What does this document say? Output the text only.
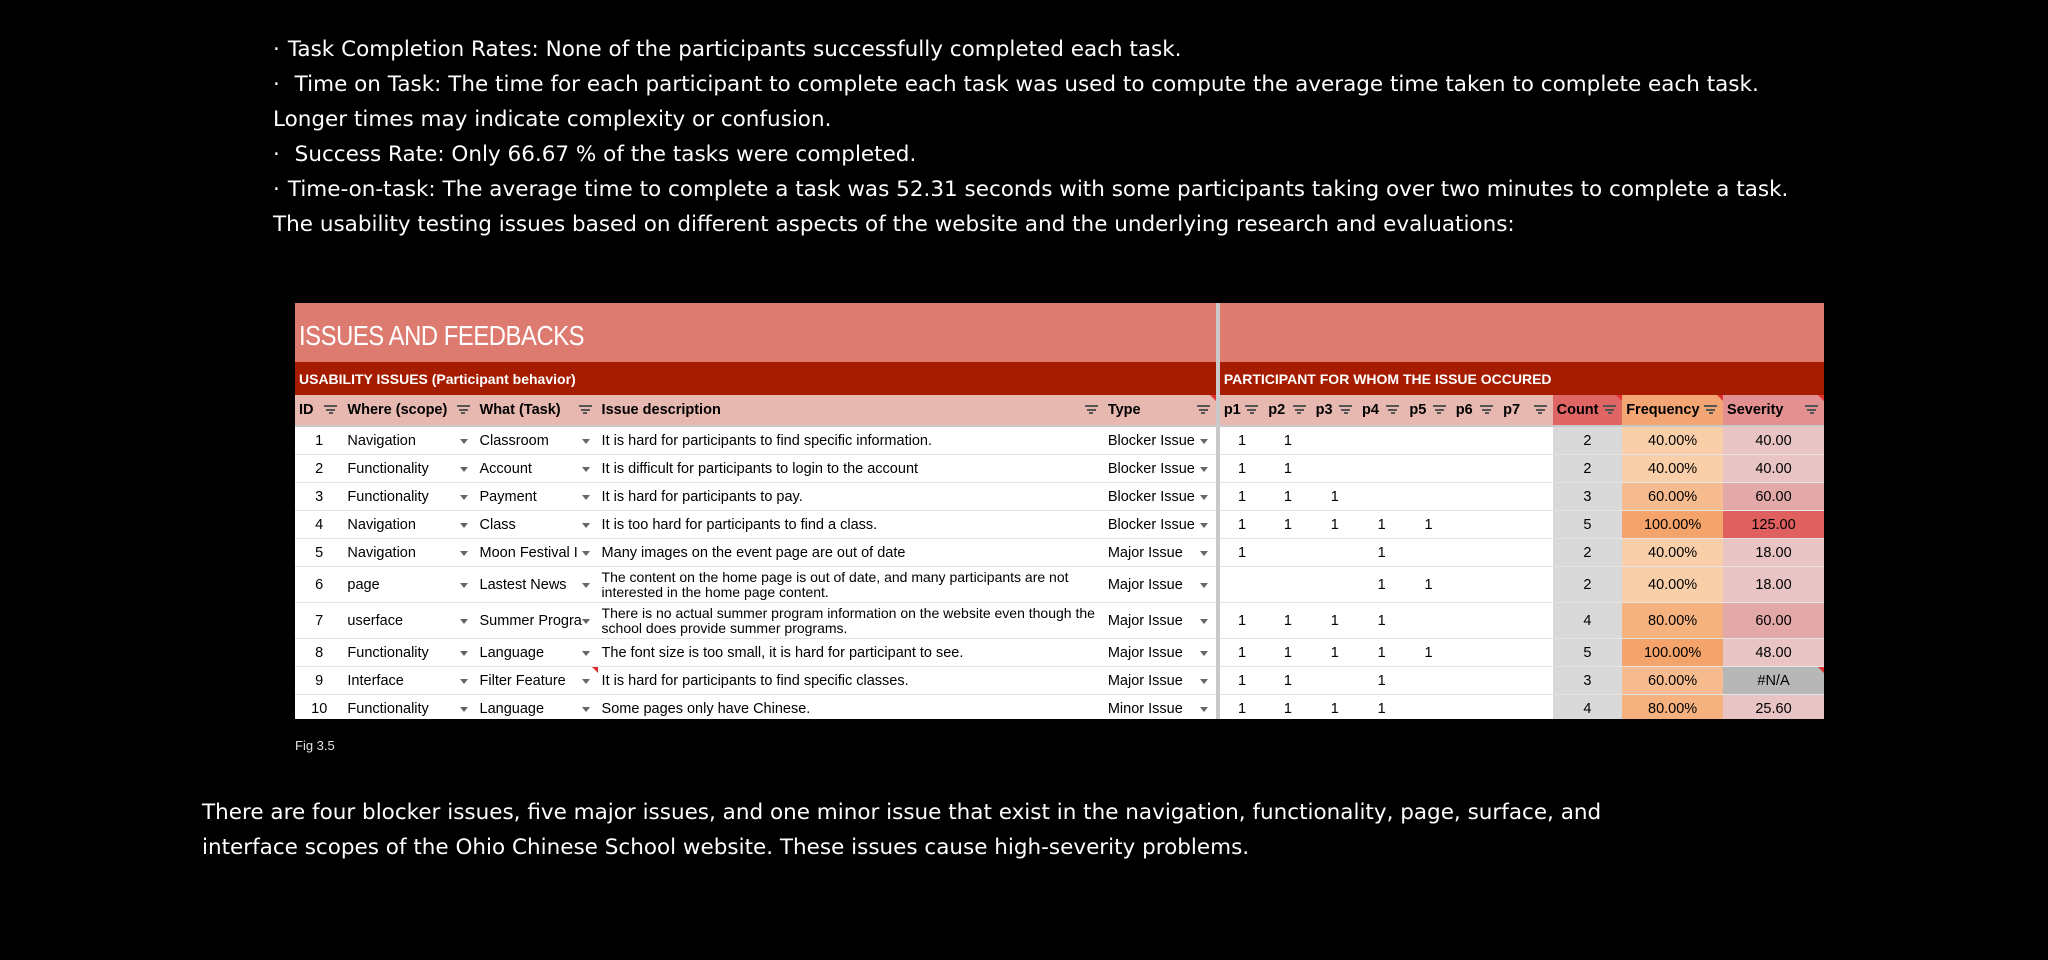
· Task Completion Rates: None of the participants successfully completed each task.

· Time on Task: The time for each participant to complete each task was used to compute the average time taken to complete each task. Longer times may indicate complexity or confusion.

· Success Rate: Only 66.67 % of the tasks were completed.

· Time-on-task: The average time to complete a task was 52.31 seconds with some participants taking over two minutes to complete a task. The usability testing issues based on different aspects of the website and the underlying research and evaluations:

ISSUES AND FEEDBACKS														
USABILITY ISSUES (Participant behavior)					PARTICIPANT FOR WHOM THE ISSUE OCCURED									
ID	Where (scope)	What (Task)	Issue description	Type	p1	p2	p3	p4	p5	p6	p7	Count	Frequency	Severity

1	Navigation	Classroom	It is hard for participants to find specific information.	Blocker Issue	1	1						2	40.00%	40.00
2	Functionality	Account	It is difficult for participants to login to the account	Blocker Issue	1	1						2	40.00%	40.00
3	Functionality	Payment	It is hard for participants to pay.	Blocker Issue	1	1	1					3	60.00%	60.00
4	Navigation	Class	It is too hard for participants to find a class.	Blocker Issue	1	1	1	1	1			5	100.00%	125.00
5	Navigation	Moon Festival I	Many images on the event page are out of date	Major Issue	1			1				2	40.00%	18.00
6	page	Lastest News	The content on the home page is out of date, and many participants are not interested in the home page content.	Major Issue				1	1			2	40.00%	18.00
7	userface	Summer Progra	There is no actual summer program information on the website even though the school does provide summer programs.	Major Issue	1	1	1	1				4	80.00%	60.00
8	Functionality	Language	The font size is too small, it is hard for participant to see.	Major Issue	1	1	1	1	1			5	100.00%	48.00
9	Interface	Filter Feature	It is hard for participants to find specific classes.	Major Issue	1	1		1				3	60.00%	#N/A
10	Functionality	Language	Some pages only have Chinese.	Minor Issue	1	1	1	1				4	80.00%	25.60
Fig 3.5
There are four blocker issues, five major issues, and one minor issue that exist in the navigation, functionality, page, surface, and interface scopes of the Ohio Chinese School website. These issues cause high-severity problems.
